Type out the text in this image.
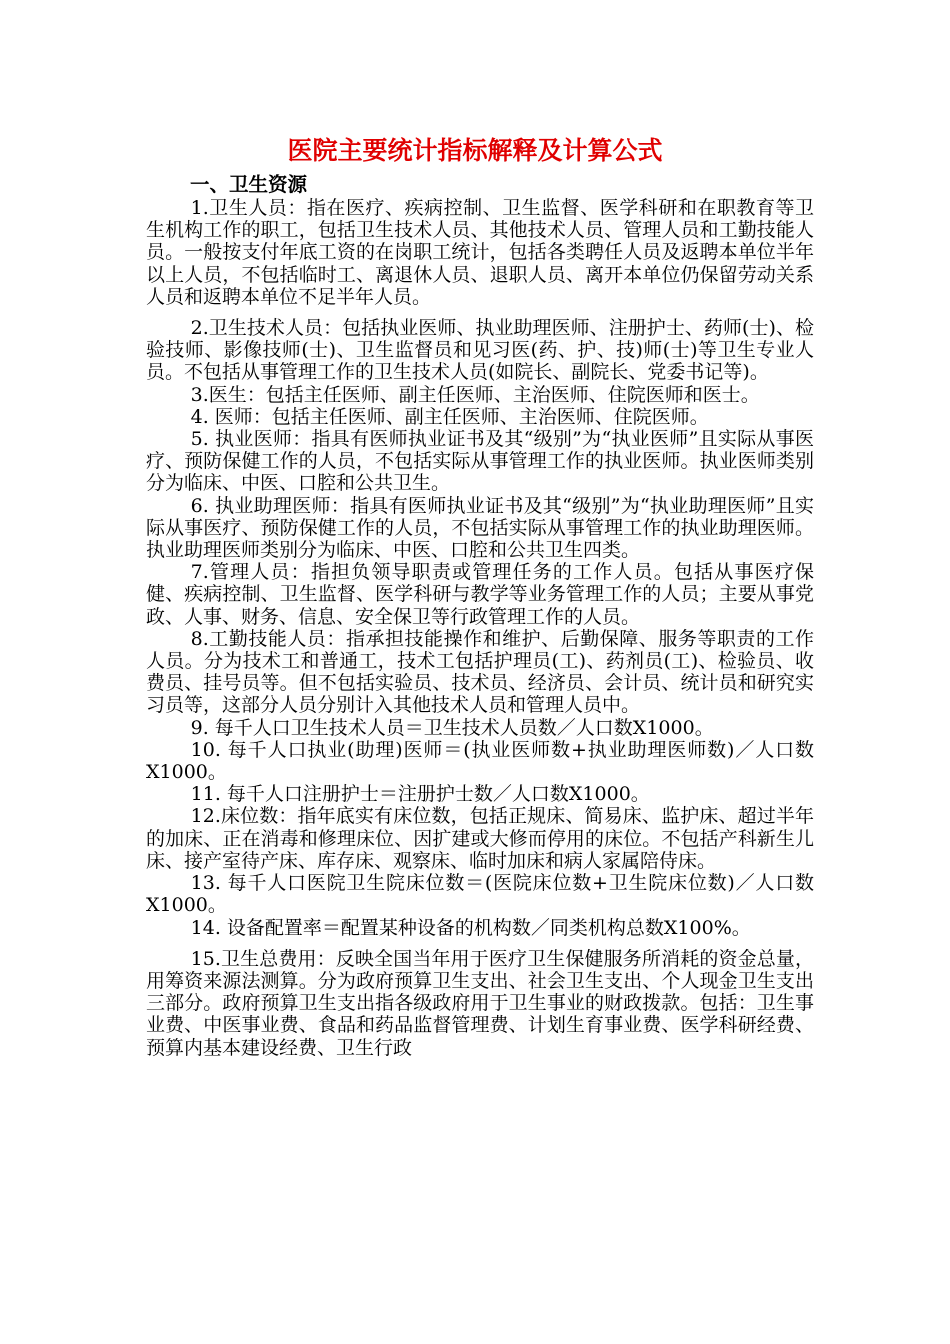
医院主要统计指标解释及计算公式
一、卫生资源

1.卫生人员：指在医疗、疾病控制、卫生监督、医学科研和在职教育等卫生机构工作的职工，包括卫生技术人员、其他技术人员、管理人员和工勤技能人员。一般按支付年底工资的在岗职工统计，包括各类聘任人员及返聘本单位半年以上人员，不包括临时工、离退休人员、退职人员、离开本单位仍保留劳动关系人员和返聘本单位不足半年人员。

2.卫生技术人员：包括执业医师、执业助理医师、注册护士、药师(士)、检验技师、影像技师(士)、卫生监督员和见习医(药、护、技)师(士)等卫生专业人员。不包括从事管理工作的卫生技术人员(如院长、副院长、党委书记等)。

3.医生：包括主任医师、副主任医师、主治医师、住院医师和医士。

4. 医师：包括主任医师、副主任医师、主治医师、住院医师。

5. 执业医师：指具有医师执业证书及其“级别”为“执业医师”且实际从事医疗、预防保健工作的人员，不包括实际从事管理工作的执业医师。执业医师类别分为临床、中医、口腔和公共卫生。

6. 执业助理医师：指具有医师执业证书及其“级别”为“执业助理医师”且实际从事医疗、预防保健工作的人员，不包括实际从事管理工作的执业助理医师。执业助理医师类别分为临床、中医、口腔和公共卫生四类。

7.管理人员：指担负领导职责或管理任务的工作人员。包括从事医疗保健、疾病控制、卫生监督、医学科研与教学等业务管理工作的人员；主要从事党政、人事、财务、信息、安全保卫等行政管理工作的人员。

8.工勤技能人员：指承担技能操作和维护、后勤保障、服务等职责的工作人员。分为技术工和普通工，技术工包括护理员(工)、药剂员(工)、检验员、收费员、挂号员等。但不包括实验员、技术员、经济员、会计员、统计员和研究实习员等，这部分人员分别计入其他技术人员和管理人员中。

9. 每千人口卫生技术人员＝卫生技术人员数／人口数X1000。

10. 每千人口执业(助理)医师＝(执业医师数+执业助理医师数)／人口数X1000。

11. 每千人口注册护士＝注册护士数／人口数X1000。

12.床位数：指年底实有床位数，包括正规床、简易床、监护床、超过半年的加床、正在消毒和修理床位、因扩建或大修而停用的床位。不包括产科新生儿床、接产室待产床、库存床、观察床、临时加床和病人家属陪侍床。

13. 每千人口医院卫生院床位数＝(医院床位数+卫生院床位数)／人口数X1000。

14. 设备配置率＝配置某种设备的机构数／同类机构总数X100%。

15.卫生总费用：反映全国当年用于医疗卫生保健服务所消耗的资金总量，用筹资来源法测算。分为政府预算卫生支出、社会卫生支出、个人现金卫生支出三部分。政府预算卫生支出指各级政府用于卫生事业的财政拨款。包括：卫生事业费、中医事业费、食品和药品监督管理费、计划生育事业费、医学科研经费、预算内基本建设经费、卫生行政
